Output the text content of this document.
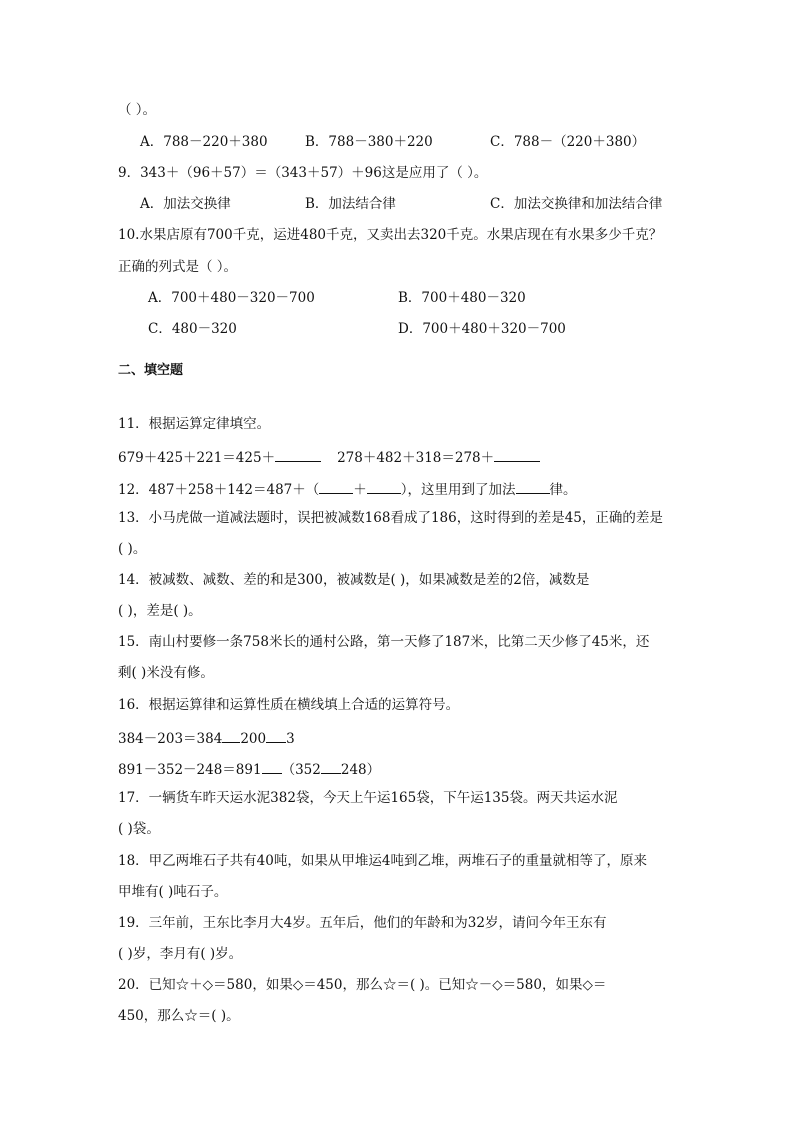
（ ）。
A．788－220＋380	B．788－380＋220	C．788－（220＋380）
9．343＋（96＋57）＝（343＋57）＋96这是应用了（ ）。
A．加法交换律	B．加法结合律	C．加法交换律和加法结合律
10.水果店原有700千克，运进480千克，又卖出去320千克。水果店现在有水果多少千克？
正确的列式是（ ）。
A．700＋480－320－700	B．700＋480－320
C．480－320	D．700＋480＋320－700
二、填空题
11．根据运算定律填空。
679＋425＋221＝425＋	278＋482＋318＝278＋
12．487＋258＋142＝487＋（	＋	），这里用到了加法	律。
13．小马虎做一道减法题时，误把被减数168看成了186，这时得到的差是45，正确的差是
( )。
14．被减数、减数、差的和是300，被减数是( )，如果减数是差的2倍，减数是
( )，差是( )。
15．南山村要修一条758米长的通村公路，第一天修了187米，比第二天少修了45米，还
剩( )米没有修。
16．根据运算律和运算性质在横线填上合适的运算符号。
384－203＝384 200 3
891－352－248＝891 （352 248）
17．一辆货车昨天运水泥382袋，今天上午运165袋，下午运135袋。两天共运水泥
( )袋。
18．甲乙两堆石子共有40吨，如果从甲堆运4吨到乙堆，两堆石子的重量就相等了，原来
甲堆有( )吨石子。
19．三年前，王东比李月大4岁。五年后，他们的年龄和为32岁，请问今年王东有
( )岁，李月有( )岁。
20．已知☆＋◇＝580，如果◇＝450，那么☆＝( )。已知☆－◇＝580，如果◇＝
450，那么☆＝( )。
